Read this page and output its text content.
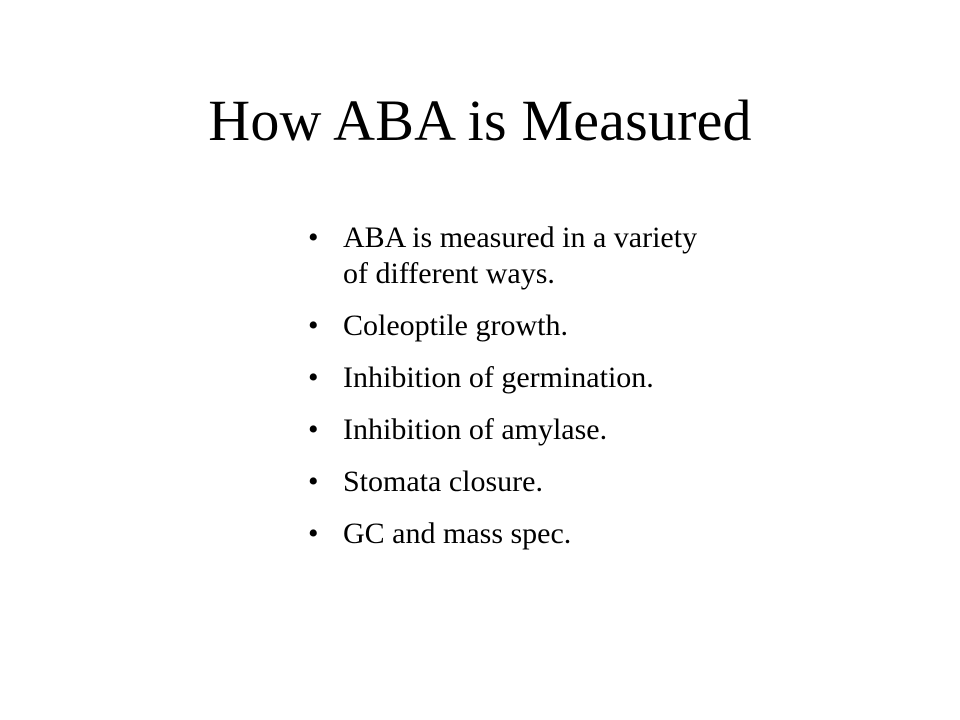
How ABA is Measured
• ABA is measured in a variety of different ways.
• Coleoptile growth.
• Inhibition of germination.
• Inhibition of amylase.
• Stomata closure.
• GC and mass spec.
